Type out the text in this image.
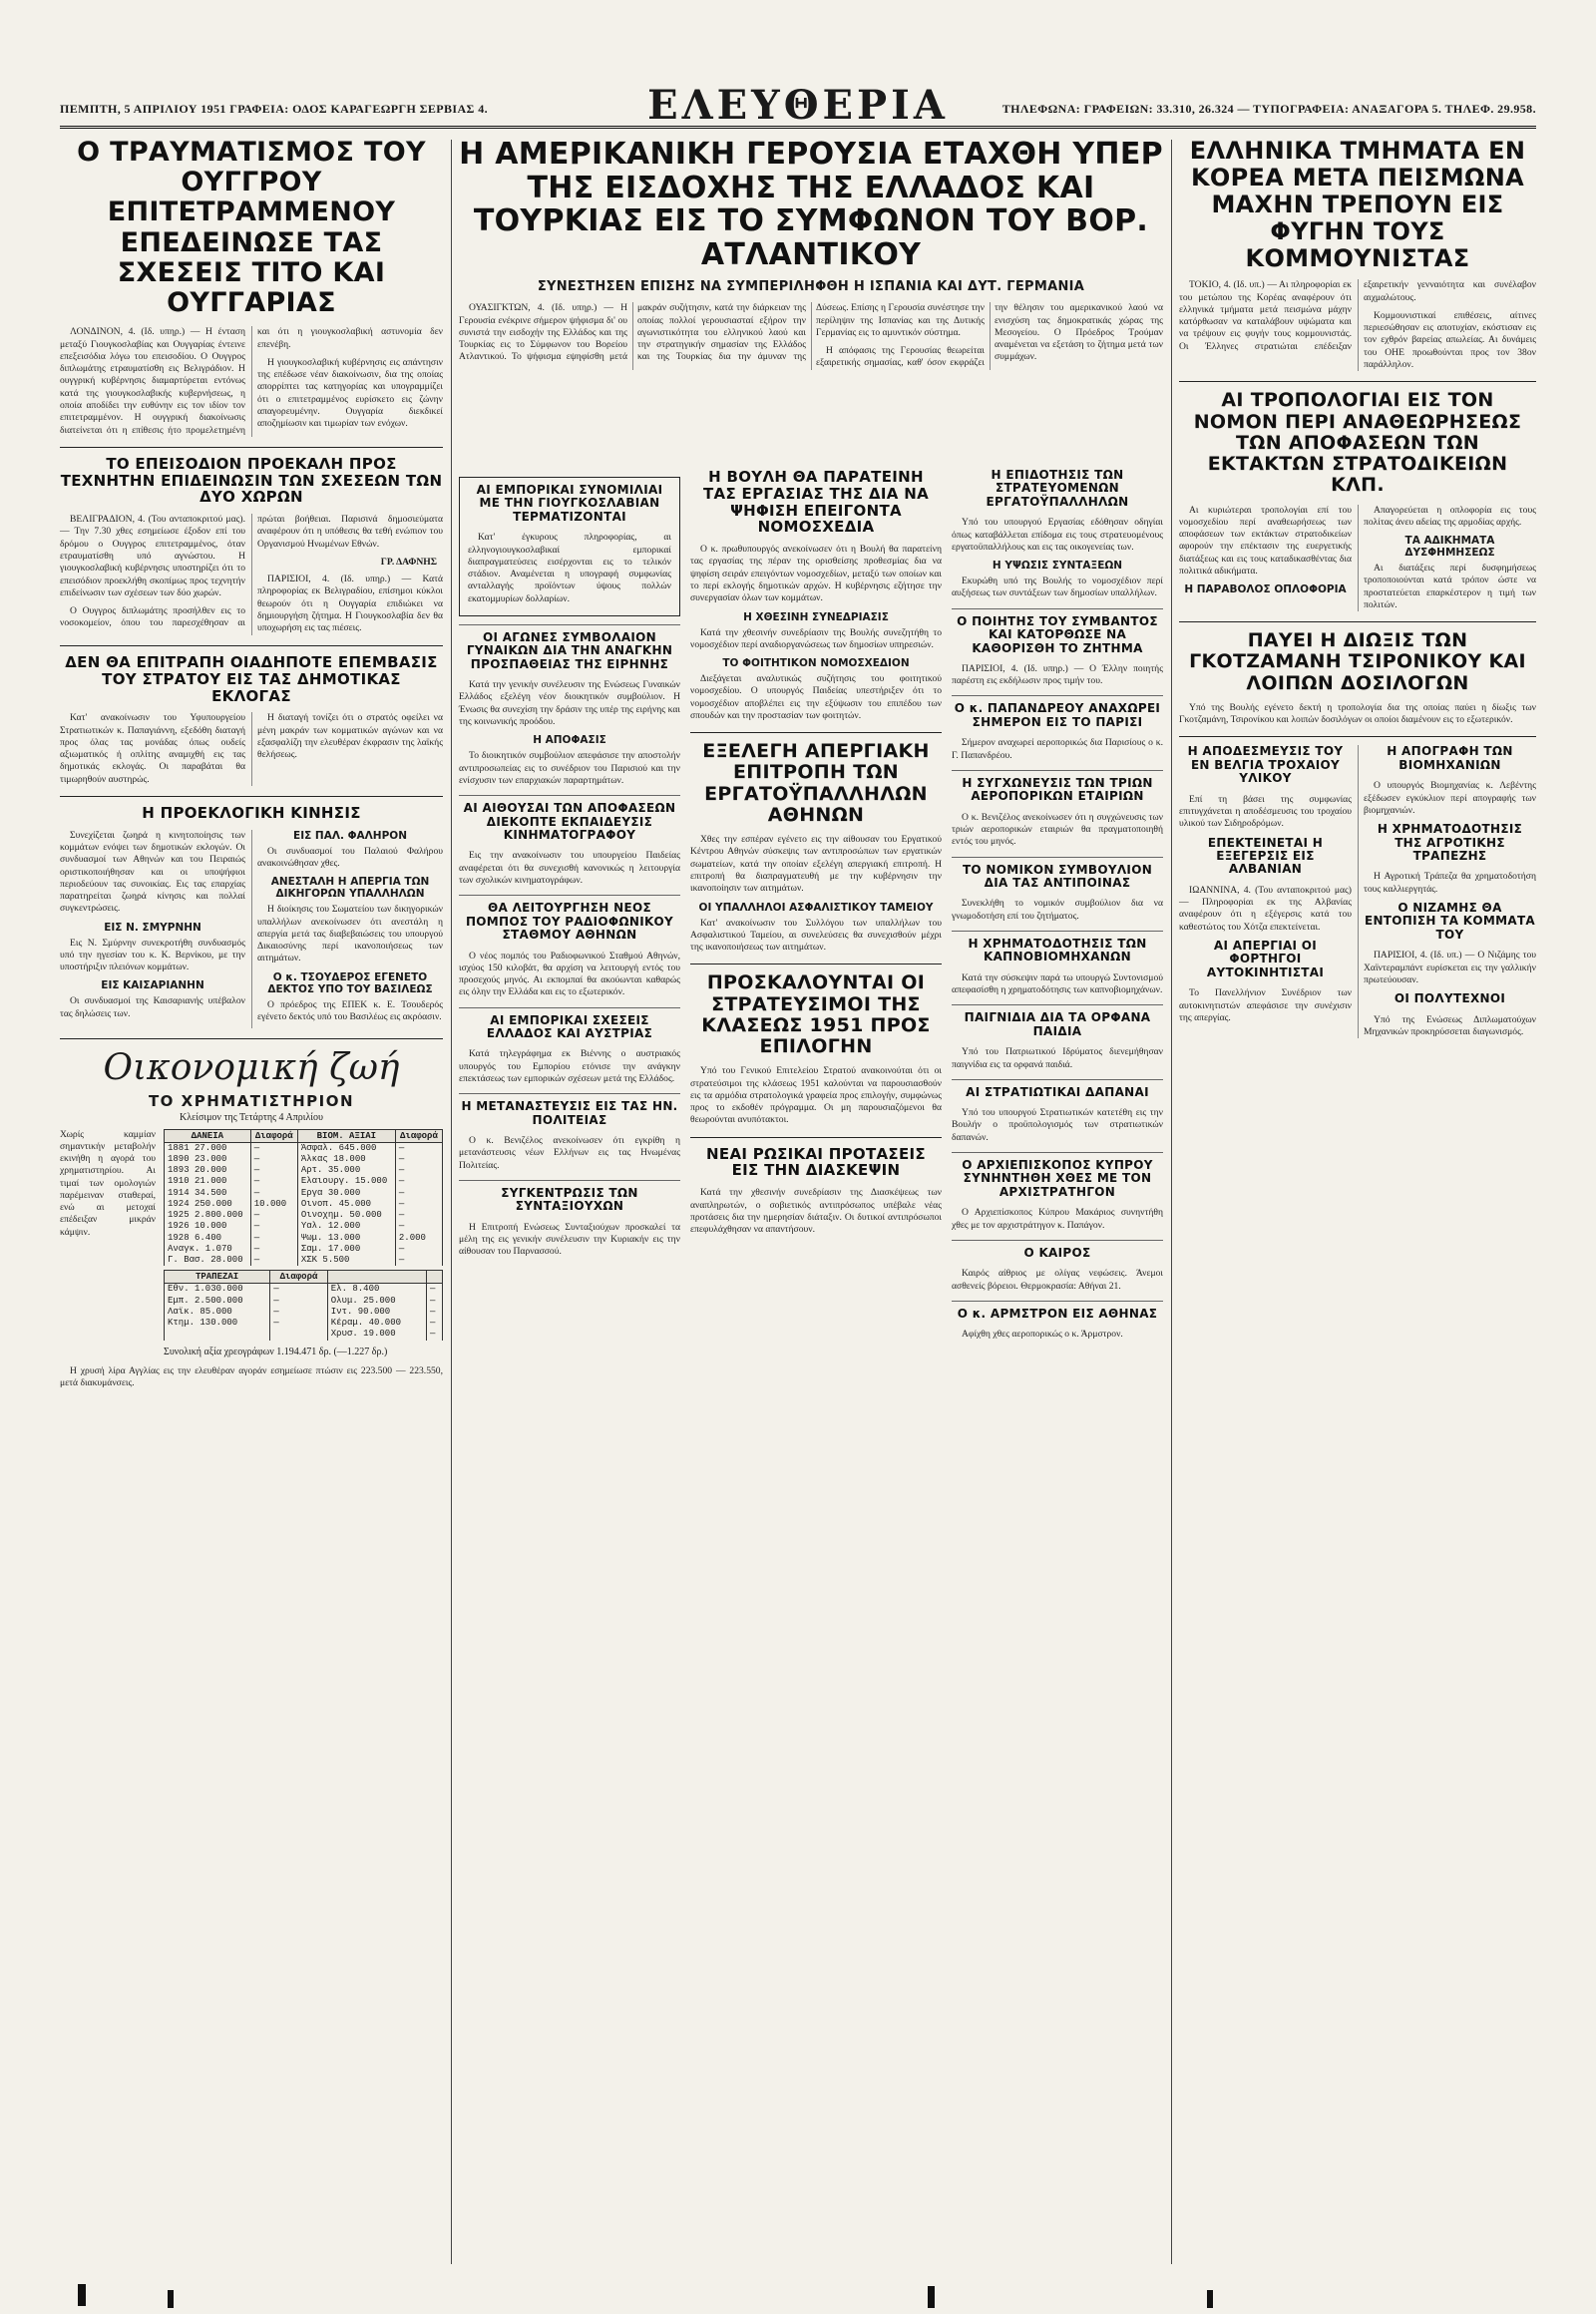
ΠΕΜΠΤΗ, 5 ΑΠΡΙΛΙΟΥ 1951 ΓΡΑΦΕΙΑ: ΟΔΟΣ ΚΑΡΑΓΕΩΡΓΗ ΣΕΡΒΙΑΣ 4.	ΕΛΕΥΘΕΡΙΑ	ΤΗΛΕΦΩΝΑ: ΓΡΑΦΕΙΩΝ: 33.310, 26.324 — ΤΥΠΟΓΡΑΦΕΙΑ: ΑΝΑΞΑΓΟΡΑ 5. ΤΗΛΕΦ. 29.958.
Ο ΤΡΑΥΜΑΤΙΣΜΟΣ ΤΟΥ ΟΥΓΓΡΟΥ ΕΠΙΤΕΤΡΑΜΜΕΝΟΥ ΕΠΕΔΕΙΝΩΣΕ ΤΑΣ ΣΧΕΣΕΙΣ ΤΙΤΟ ΚΑΙ ΟΥΓΓΑΡΙΑΣ

ΛΟΝΔΙΝΟΝ, 4. (Ιδ. υπηρ.) — Η ένταση μεταξύ Γιουγκοσλαβίας και Ουγγαρίας έντεινε επεξεισόδια λόγω του επεισοδίου. Ο Ουγγρος διπλωμάτης ετραυματίσθη εις Βελιγράδιον. Η ουγγρική κυβέρνησις διαμαρτύρεται εντόνως κατά της γιουγκοσλαβικής κυβερνήσεως, η οποία αποδίδει την ευθύνην εις τον ιδίον τον επιτετραμμένον. Η ουγγρική διακοίνωσις διατείνεται ότι η επίθεσις ήτο προμελετημένη και ότι η γιουγκοσλαβική αστυνομία δεν επενέβη.

Η γιουγκοσλαβική κυβέρνησις εις απάντησιν της επέδωσε νέαν διακοίνωσιν, δια της οποίας απορρίπτει τας κατηγορίας και υπογραμμίζει ότι ο επιτετραμμένος ευρίσκετο εις ζώνην απαγορευμένην. Ουγγαρία διεκδικεί αποζημίωσιν και τιμωρίαν των ενόχων.

ΤΟ ΕΠΕΙΣΟΔΙΟΝ ΠΡΟΕΚΑΛΗ ΠΡΟΣ ΤΕΧΝΗΤΗΝ ΕΠΙΔΕΙΝΩΣΙΝ ΤΩΝ ΣΧΕΣΕΩΝ ΤΩΝ ΔΥΟ ΧΩΡΩΝ

ΒΕΛΙΓΡΑΔΙΟΝ, 4. (Του ανταποκριτού μας). — Την 7.30 χθες εσημείωσε έξοδον επί του δρόμου ο Ουγγρος επιτετραμμένος, όταν ετραυματίσθη υπό αγνώστου. Η γιουγκοσλαβική κυβέρνησις υποστηρίζει ότι το επεισόδιον προεκλήθη σκοπίμως προς τεχνητήν επιδείνωσιν των σχέσεων των δύο χωρών.

Ο Ουγγρος διπλωμάτης προσήλθεν εις το νοσοκομείον, όπου του παρεσχέθησαν αι πρώται βοήθειαι. Παρισινά δημοσιεύματα αναφέρουν ότι η υπόθεσις θα τεθή ενώπιον του Οργανισμού Ηνωμένων Εθνών.

ΓΡ. ΔΑΦΝΗΣ

ΠΑΡΙΣΙΟΙ, 4. (Ιδ. υπηρ.) — Κατά πληροφορίας εκ Βελιγραδίου, επίσημοι κύκλοι θεωρούν ότι η Ουγγαρία επιδιώκει να δημιουργήση ζήτημα. Η Γιουγκοσλαβία δεν θα υποχωρήση εις τας πιέσεις.

ΔΕΝ ΘΑ ΕΠΙΤΡΑΠΗ ΟΙΑΔΗΠΟΤΕ ΕΠΕΜΒΑΣΙΣ ΤΟΥ ΣΤΡΑΤΟΥ ΕΙΣ ΤΑΣ ΔΗΜΟΤΙΚΑΣ ΕΚΛΟΓΑΣ

Κατ' ανακοίνωσιν του Υφυπουργείου Στρατιωτικών κ. Παπαγιάννη, εξεδόθη διαταγή προς όλας τας μονάδας όπως ουδείς αξιωματικός ή οπλίτης αναμιχθή εις τας δημοτικάς εκλογάς. Οι παραβάται θα τιμωρηθούν αυστηρώς.

Η διαταγή τονίζει ότι ο στρατός οφείλει να μένη μακράν των κομματικών αγώνων και να εξασφαλίζη την ελευθέραν έκφρασιν της λαϊκής θελήσεως.

Η ΠΡΟΕΚΛΟΓΙΚΗ ΚΙΝΗΣΙΣ

Συνεχίζεται ζωηρά η κινητοποίησις των κομμάτων ενόψει των δημοτικών εκλογών. Οι συνδυασμοί των Αθηνών και του Πειραιώς οριστικοποιήθησαν και οι υποψήφιοι περιοδεύουν τας συνοικίας. Εις τας επαρχίας παρατηρείται ζωηρά κίνησις και πολλαί συγκεντρώσεις.

ΕΙΣ Ν. ΣΜΥΡΝΗΝ

Εις Ν. Σμύρνην συνεκροτήθη συνδυασμός υπό την ηγεσίαν του κ. Κ. Βερνίκου, με την υποστήριξιν πλειόνων κομμάτων.

ΕΙΣ ΚΑΙΣΑΡΙΑΝΗΝ

Οι συνδυασμοί της Καισαριανής υπέβαλον τας δηλώσεις των.

ΕΙΣ ΠΑΛ. ΦΑΛΗΡΟΝ

Οι συνδυασμοί του Παλαιού Φαλήρου ανακοινώθησαν χθες.

ΑΝΕΣΤΑΛΗ Η ΑΠΕΡΓΙΑ ΤΩΝ ΔΙΚΗΓΟΡΩΝ ΥΠΑΛΛΗΛΩΝ

Η διοίκησις του Σωματείου των δικηγορικών υπαλλήλων ανεκοίνωσεν ότι ανεστάλη η απεργία μετά τας διαβεβαιώσεις του υπουργού Δικαιοσύνης περί ικανοποιήσεως των αιτημάτων.

Ο κ. ΤΣΟΥΔΕΡΟΣ ΕΓΕΝΕΤΟ ΔΕΚΤΟΣ ΥΠΟ ΤΟΥ ΒΑΣΙΛΕΩΣ

Ο πρόεδρος της ΕΠΕΚ κ. Ε. Τσουδερός εγένετο δεκτός υπό του Βασιλέως εις ακρόασιν.

Οικονομική ζωή
ΤΟ ΧΡΗΜΑΤΙΣΤΗΡΙΟΝ
Κλείσιμον της Τετάρτης 4 Απριλίου

Χωρίς καμμίαν σημαντικήν μεταβολήν εκινήθη η αγορά του χρηματιστηρίου. Αι τιμαί των ομολογιών παρέμειναν σταθεραί, ενώ αι μετοχαί επέδειξαν μικράν κάμψιν.

ΔΑΝΕΙΑ	Διαφορά	ΒΙΟΜ. ΑΞΙΑΙ	Διαφορά
1881 27.000	—	Άσφαλ. 645.000	—
1890 23.000	—	Άλκας 18.000	—
1893 20.000	—	Αρτ. 35.000	—
1910 21.000	—	Ελαιουργ. 15.000	—
1914 34.500	—	Εργα 30.000	—
1924 250.000	10.000	Οινοπ. 45.000	—
1925 2.800.000	—	Οινοχημ. 50.000	—
1926 10.000	—	Υαλ. 12.000	—
1928 6.400	—	Ψωμ. 13.000	2.000
Αναγκ. 1.070	—	Σαμ. 17.000	—
Γ. Βασ. 28.000	—	ΧΣΚ 5.500	—
ΤΡΑΠΕΖΑΙ	Διαφορά		
Εθν. 1.030.000	—	Ελ. 8.400	—
Εμπ. 2.500.000	—	Ολυμ. 25.000	—
Λαϊκ. 85.000	—	Ιντ. 90.000	—
Κτημ. 130.000	—	Κέραμ. 40.000	—
		Χρυσ. 19.000	—
Συνολική αξία χρεογράφων 1.194.471 δρ. (—1.227 δρ.)

Η χρυσή λίρα Αγγλίας εις την ελευθέραν αγοράν εσημείωσε πτώσιν εις 223.500 — 223.550, μετά διακυμάνσεις.

Η ΑΜΕΡΙΚΑΝΙΚΗ ΓΕΡΟΥΣΙΑ ΕΤΑΧΘΗ ΥΠΕΡ ΤΗΣ ΕΙΣΔΟΧΗΣ ΤΗΣ ΕΛΛΑΔΟΣ ΚΑΙ ΤΟΥΡΚΙΑΣ ΕΙΣ ΤΟ ΣΥΜΦΩΝΟΝ ΤΟΥ ΒΟΡ. ΑΤΛΑΝΤΙΚΟΥ
ΣΥΝΕΣΤΗΣΕΝ ΕΠΙΣΗΣ ΝΑ ΣΥΜΠΕΡΙΛΗΦΘΗ Η ΙΣΠΑΝΙΑ ΚΑΙ ΔΥΤ. ΓΕΡΜΑΝΙΑ

ΟΥΑΣΙΓΚΤΩΝ, 4. (Ιδ. υπηρ.) — Η Γερουσία ενέκρινε σήμερον ψήφισμα δι' ου συνιστά την εισδοχήν της Ελλάδος και της Τουρκίας εις το Σύμφωνον του Βορείου Ατλαντικού. Το ψήφισμα εψηφίσθη μετά μακράν συζήτησιν, κατά την διάρκειαν της οποίας πολλοί γερουσιασταί εξήρον την αγωνιστικότητα του ελληνικού λαού και την στρατηγικήν σημασίαν της Ελλάδος και της Τουρκίας δια την άμυναν της Δύσεως. Επίσης η Γερουσία συνέστησε την περίληψιν της Ισπανίας και της Δυτικής Γερμανίας εις το αμυντικόν σύστημα.

Η απόφασις της Γερουσίας θεωρείται εξαιρετικής σημασίας, καθ' όσον εκφράζει την θέλησιν του αμερικανικού λαού να ενισχύση τας δημοκρατικάς χώρας της Μεσογείου. Ο Πρόεδρος Τρούμαν αναμένεται να εξετάση το ζήτημα μετά των συμμάχων.

ΑΙ ΕΜΠΟΡΙΚΑΙ ΣΥΝΟΜΙΛΙΑΙ ΜΕ ΤΗΝ ΓΙΟΥΓΚΟΣΛΑΒΙΑΝ ΤΕΡΜΑΤΙΖΟΝΤΑΙ

Κατ' έγκυρους πληροφορίας, αι ελληνογιουγκοσλαβικαί εμπορικαί διαπραγματεύσεις εισέρχονται εις το τελικόν στάδιον. Αναμένεται η υπογραφή συμφωνίας ανταλλαγής προϊόντων ύψους πολλών εκατομμυρίων δολλαρίων.

ΟΙ ΑΓΩΝΕΣ ΣΥΜΒΟΛΑΙΟΝ ΓΥΝΑΙΚΩΝ ΔΙΑ ΤΗΝ ΑΝΑΓΚΗΝ ΠΡΟΣΠΑΘΕΙΑΣ ΤΗΣ ΕΙΡΗΝΗΣ

Κατά την γενικήν συνέλευσιν της Ενώσεως Γυναικών Ελλάδος εξελέγη νέον διοικητικόν συμβούλιον. Η Ένωσις θα συνεχίση την δράσιν της υπέρ της ειρήνης και της κοινωνικής προόδου.

Η ΑΠΟΦΑΣΙΣ

Το διοικητικόν συμβούλιον απεφάσισε την αποστολήν αντιπροσωπείας εις το συνέδριον του Παρισιού και την ενίσχυσιν των επαρχιακών παραρτημάτων.

ΑΙ ΑΙΘΟΥΣΑΙ ΤΩΝ ΑΠΟΦΑΣΕΩΝ ΔΙΕΚΟΠΤΕ ΕΚΠΑΙΔΕΥΣΙΣ ΚΙΝΗΜΑΤΟΓΡΑΦΟΥ

Εις την ανακοίνωσιν του υπουργείου Παιδείας αναφέρεται ότι θα συνεχισθή κανονικώς η λειτουργία των σχολικών κινηματογράφων.

ΘΑ ΛΕΙΤΟΥΡΓΗΣΗ ΝΕΟΣ ΠΟΜΠΟΣ ΤΟΥ ΡΑΔΙΟΦΩΝΙΚΟΥ ΣΤΑΘΜΟΥ ΑΘΗΝΩΝ

Ο νέος πομπός του Ραδιοφωνικού Σταθμού Αθηνών, ισχύος 150 κιλοβάτ, θα αρχίση να λειτουργή εντός του προσεχούς μηνός. Αι εκπομπαί θα ακούωνται καθαρώς εις όλην την Ελλάδα και εις το εξωτερικόν.

ΑΙ ΕΜΠΟΡΙΚΑΙ ΣΧΕΣΕΙΣ ΕΛΛΑΔΟΣ ΚΑΙ ΑΥΣΤΡΙΑΣ

Κατά τηλεγράφημα εκ Βιέννης ο αυστριακός υπουργός του Εμπορίου ετόνισε την ανάγκην επεκτάσεως των εμπορικών σχέσεων μετά της Ελλάδος.

Η ΜΕΤΑΝΑΣΤΕΥΣΙΣ ΕΙΣ ΤΑΣ ΗΝ. ΠΟΛΙΤΕΙΑΣ

Ο κ. Βενιζέλος ανεκοίνωσεν ότι εγκρίθη η μετανάστευσις νέων Ελλήνων εις τας Ηνωμένας Πολιτείας.

ΣΥΓΚΕΝΤΡΩΣΙΣ ΤΩΝ ΣΥΝΤΑΞΙΟΥΧΩΝ

Η Επιτροπή Ενώσεως Συνταξιούχων προσκαλεί τα μέλη της εις γενικήν συνέλευσιν την Κυριακήν εις την αίθουσαν του Παρνασσού.

Η ΒΟΥΛΗ ΘΑ ΠΑΡΑΤΕΙΝΗ ΤΑΣ ΕΡΓΑΣΙΑΣ ΤΗΣ ΔΙΑ ΝΑ ΨΗΦΙΣΗ ΕΠΕΙΓΟΝΤΑ ΝΟΜΟΣΧΕΔΙΑ

Ο κ. πρωθυπουργός ανεκοίνωσεν ότι η Βουλή θα παρατείνη τας εργασίας της πέραν της ορισθείσης προθεσμίας δια να ψηφίση σειράν επειγόντων νομοσχεδίων, μεταξύ των οποίων και το περί εκλογής δημοτικών αρχών. Η κυβέρνησις εζήτησε την συνεργασίαν όλων των κομμάτων.

Η ΧΘΕΣΙΝΗ ΣΥΝΕΔΡΙΑΣΙΣ

Κατά την χθεσινήν συνεδρίασιν της Βουλής συνεζητήθη το νομοσχέδιον περί αναδιοργανώσεως των δημοσίων υπηρεσιών.

ΤΟ ΦΟΙΤΗΤΙΚΟΝ ΝΟΜΟΣΧΕΔΙΟΝ

Διεξάγεται αναλυτικώς συζήτησις του φοιτητικού νομοσχεδίου. Ο υπουργός Παιδείας υπεστήριξεν ότι το νομοσχέδιον αποβλέπει εις την εξύψωσιν του επιπέδου των σπουδών και την προστασίαν των φοιτητών.

ΕΞΕΛΕΓΗ ΑΠΕΡΓΙΑΚΗ ΕΠΙΤΡΟΠΗ ΤΩΝ ΕΡΓΑΤΟΫΠΑΛΛΗΛΩΝ ΑΘΗΝΩΝ

Χθες την εσπέραν εγένετο εις την αίθουσαν του Εργατικού Κέντρου Αθηνών σύσκεψις των αντιπροσώπων των εργατικών σωματείων, κατά την οποίαν εξελέγη απεργιακή επιτροπή. Η επιτροπή θα διαπραγματευθή με την κυβέρνησιν την ικανοποίησιν των αιτημάτων.

ΟΙ ΥΠΑΛΛΗΛΟΙ ΑΣΦΑΛΙΣΤΙΚΟΥ ΤΑΜΕΙΟΥ

Κατ' ανακοίνωσιν του Συλλόγου των υπαλλήλων του Ασφαλιστικού Ταμείου, αι συνελεύσεις θα συνεχισθούν μέχρι της ικανοποιήσεως των αιτημάτων.

ΠΡΟΣΚΑΛΟΥΝΤΑΙ ΟΙ ΣΤΡΑΤΕΥΣΙΜΟΙ ΤΗΣ ΚΛΑΣΕΩΣ 1951 ΠΡΟΣ ΕΠΙΛΟΓΗΝ

Υπό του Γενικού Επιτελείου Στρατού ανακοινούται ότι οι στρατεύσιμοι της κλάσεως 1951 καλούνται να παρουσιασθούν εις τα αρμόδια στρατολογικά γραφεία προς επιλογήν, συμφώνως προς το εκδοθέν πρόγραμμα. Οι μη παρουσιαζόμενοι θα θεωρούνται ανυπότακτοι.

ΝΕΑΙ ΡΩΣΙΚΑΙ ΠΡΟΤΑΣΕΙΣ ΕΙΣ ΤΗΝ ΔΙΑΣΚΕΨΙΝ

Κατά την χθεσινήν συνεδρίασιν της Διασκέψεως των αναπληρωτών, ο σοβιετικός αντιπρόσωπος υπέβαλε νέας προτάσεις δια την ημερησίαν διάταξιν. Οι δυτικοί αντιπρόσωποι επεφυλάχθησαν να απαντήσουν.

Η ΕΠΙΔΟΤΗΣΙΣ ΤΩΝ ΣΤΡΑΤΕΥΟΜΕΝΩΝ ΕΡΓΑΤΟΫΠΑΛΛΗΛΩΝ

Υπό του υπουργού Εργασίας εδόθησαν οδηγίαι όπως καταβάλλεται επίδομα εις τους στρατευομένους εργατοϋπαλλήλους και εις τας οικογενείας των.

Η ΥΨΩΣΙΣ ΣΥΝΤΑΞΕΩΝ

Εκυρώθη υπό της Βουλής το νομοσχέδιον περί αυξήσεως των συντάξεων των δημοσίων υπαλλήλων.

Ο ΠΟΙΗΤΗΣ ΤΟΥ ΣΥΜΒΑΝΤΟΣ ΚΑΙ ΚΑΤΟΡΘΩΣΕ ΝΑ ΚΑΘΟΡΙΣΘΗ ΤΟ ΖΗΤΗΜΑ

ΠΑΡΙΣΙΟΙ, 4. (Ιδ. υπηρ.) — Ο Έλλην ποιητής παρέστη εις εκδήλωσιν προς τιμήν του.

Ο κ. ΠΑΠΑΝΔΡΕΟΥ ΑΝΑΧΩΡΕΙ ΣΗΜΕΡΟΝ ΕΙΣ ΤΟ ΠΑΡΙΣΙ

Σήμερον αναχωρεί αεροπορικώς δια Παρισίους ο κ. Γ. Παπανδρέου.

Η ΣΥΓΧΩΝΕΥΣΙΣ ΤΩΝ ΤΡΙΩΝ ΑΕΡΟΠΟΡΙΚΩΝ ΕΤΑΙΡΙΩΝ

Ο κ. Βενιζέλος ανεκοίνωσεν ότι η συγχώνευσις των τριών αεροπορικών εταιριών θα πραγματοποιηθή εντός του μηνός.

ΤΟ ΝΟΜΙΚΟΝ ΣΥΜΒΟΥΛΙΟΝ ΔΙΑ ΤΑΣ ΑΝΤΙΠΟΙΝΑΣ

Συνεκλήθη το νομικόν συμβούλιον δια να γνωμοδοτήση επί του ζητήματος.

Η ΧΡΗΜΑΤΟΔΟΤΗΣΙΣ ΤΩΝ ΚΑΠΝΟΒΙΟΜΗΧΑΝΩΝ

Κατά την σύσκεψιν παρά τω υπουργώ Συντονισμού απεφασίσθη η χρηματοδότησις των καπνοβιομηχάνων.

ΠΑΙΓΝΙΔΙΑ ΔΙΑ ΤΑ ΟΡΦΑΝΑ ΠΑΙΔΙΑ

Υπό του Πατριωτικού Ιδρύματος διενεμήθησαν παιγνίδια εις τα ορφανά παιδιά.

ΑΙ ΣΤΡΑΤΙΩΤΙΚΑΙ ΔΑΠΑΝΑΙ

Υπό του υπουργού Στρατιωτικών κατετέθη εις την Βουλήν ο προϋπολογισμός των στρατιωτικών δαπανών.

Ο ΑΡΧΙΕΠΙΣΚΟΠΟΣ ΚΥΠΡΟΥ ΣΥΝΗΝΤΗΘΗ ΧΘΕΣ ΜΕ ΤΟΝ ΑΡΧΙΣΤΡΑΤΗΓΟΝ

Ο Αρχιεπίσκοπος Κύπρου Μακάριος συνηντήθη χθες με τον αρχιστράτηγον κ. Παπάγον.

Ο ΚΑΙΡΟΣ

Καιρός αίθριος με ολίγας νεφώσεις. Άνεμοι ασθενείς βόρειοι. Θερμοκρασία: Αθήναι 21.

Ο κ. ΑΡΜΣΤΡΟΝ ΕΙΣ ΑΘΗΝΑΣ

Αφίχθη χθες αεροπορικώς ο κ. Άρμστρον.

ΕΛΛΗΝΙΚΑ ΤΜΗΜΑΤΑ ΕΝ ΚΟΡΕΑ ΜΕΤΑ ΠΕΙΣΜΩΝΑ ΜΑΧΗΝ ΤΡΕΠΟΥΝ ΕΙΣ ΦΥΓΗΝ ΤΟΥΣ ΚΟΜΜΟΥΝΙΣΤΑΣ

ΤΟΚΙΟ, 4. (Ιδ. υπ.) — Αι πληροφορίαι εκ του μετώπου της Κορέας αναφέρουν ότι ελληνικά τμήματα μετά πεισμώνα μάχην κατόρθωσαν να καταλάβουν υψώματα και να τρέψουν εις φυγήν τους κομμουνιστάς. Οι Έλληνες στρατιώται επέδειξαν εξαιρετικήν γενναιότητα και συνέλαβον αιχμαλώτους.

Κομμουνιστικαί επιθέσεις, αίτινες περιεσώθησαν εις αποτυχίαν, εκόστισαν εις τον εχθρόν βαρείας απωλείας. Αι δυνάμεις του ΟΗΕ προωθούνται προς τον 38ον παράλληλον.

ΑΙ ΤΡΟΠΟΛΟΓΙΑΙ ΕΙΣ ΤΟΝ ΝΟΜΟΝ ΠΕΡΙ ΑΝΑΘΕΩΡΗΣΕΩΣ ΤΩΝ ΑΠΟΦΑΣΕΩΝ ΤΩΝ ΕΚΤΑΚΤΩΝ ΣΤΡΑΤΟΔΙΚΕΙΩΝ ΚΛΠ.

Αι κυριώτεραι τροπολογίαι επί του νομοσχεδίου περί αναθεωρήσεως των αποφάσεων των εκτάκτων στρατοδικείων αφορούν την επέκτασιν της ευεργετικής διατάξεως και εις τους καταδικασθέντας δια πολιτικά αδικήματα.

Η ΠΑΡΑΒΟΛΟΣ ΟΠΛΟΦΟΡΙΑ

Απαγορεύεται η οπλοφορία εις τους πολίτας άνευ αδείας της αρμοδίας αρχής.

ΤΑ ΑΔΙΚΗΜΑΤΑ ΔΥΣΦΗΜΗΣΕΩΣ

Αι διατάξεις περί δυσφημήσεως τροποποιούνται κατά τρόπον ώστε να προστατεύεται επαρκέστερον η τιμή των πολιτών.

ΠΑΥΕΙ Η ΔΙΩΞΙΣ ΤΩΝ ΓΚΟΤΖΑΜΑΝΗ ΤΣΙΡΟΝΙΚΟΥ ΚΑΙ ΛΟΙΠΩΝ ΔΟΣΙΛΟΓΩΝ

Υπό της Βουλής εγένετο δεκτή η τροπολογία δια της οποίας παύει η δίωξις των Γκοτζαμάνη, Τσιρονίκου και λοιπών δοσιλόγων οι οποίοι διαμένουν εις το εξωτερικόν.

Η ΑΠΟΔΕΣΜΕΥΣΙΣ ΤΟΥ ΕΝ ΒΕΛΓΙΑ ΤΡΟΧΑΙΟΥ ΥΛΙΚΟΥ

Επί τη βάσει της συμφωνίας επιτυγχάνεται η αποδέσμευσις του τροχαίου υλικού των Σιδηροδρόμων.

ΕΠΕΚΤΕΙΝΕΤΑΙ Η ΕΞΕΓΕΡΣΙΣ ΕΙΣ ΑΛΒΑΝΙΑΝ

ΙΩΑΝΝΙΝΑ, 4. (Του ανταποκριτού μας) — Πληροφορίαι εκ της Αλβανίας αναφέρουν ότι η εξέγερσις κατά του καθεστώτος του Χότζα επεκτείνεται.

ΑΙ ΑΠΕΡΓΙΑΙ ΟΙ ΦΟΡΤΗΓΟΙ ΑΥΤΟΚΙΝΗΤΙΣΤΑΙ

Το Πανελλήνιον Συνέδριον των αυτοκινητιστών απεφάσισε την συνέχισιν της απεργίας.

Η ΑΠΟΓΡΑΦΗ ΤΩΝ ΒΙΟΜΗΧΑΝΙΩΝ

Ο υπουργός Βιομηχανίας κ. Λεβέντης εξέδωσεν εγκύκλιον περί απογραφής των βιομηχανιών.

Η ΧΡΗΜΑΤΟΔΟΤΗΣΙΣ ΤΗΣ ΑΓΡΟΤΙΚΗΣ ΤΡΑΠΕΖΗΣ

Η Αγροτική Τράπεζα θα χρηματοδοτήση τους καλλιεργητάς.

Ο ΝΙΖΑΜΗΣ ΘΑ ΕΝΤΟΠΙΣΗ ΤΑ ΚΟΜΜΑΤΑ ΤΟΥ

ΠΑΡΙΣΙΟΙ, 4. (Ιδ. υπ.) — Ο Νιζάμης του Χαϊντεραμπάντ ευρίσκεται εις την γαλλικήν πρωτεύουσαν.

ΟΙ ΠΟΛΥΤΕΧΝΟΙ

Υπό της Ενώσεως Διπλωματούχων Μηχανικών προκηρύσσεται διαγωνισμός.
